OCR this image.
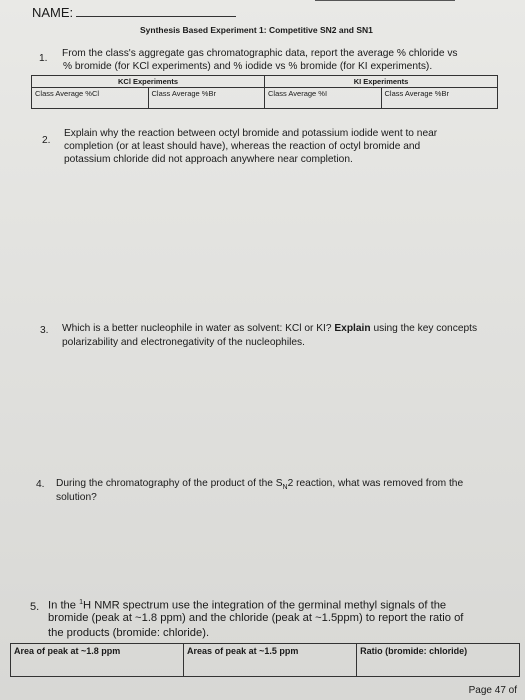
NAME:
Synthesis Based Experiment 1: Competitive SN2 and SN1
1. From the class's aggregate gas chromatographic data, report the average % chloride vs
% bromide (for KCl experiments) and % iodide vs % bromide (for KI experiments).
KCl Experiments		KI Experiments	
Class Average %Cl	Class Average %Br	Class Average %I	Class Average %Br
2.
Explain why the reaction between octyl bromide and potassium iodide went to near
completion (or at least should have), whereas the reaction of octyl bromide and
potassium chloride did not approach anywhere near completion.
3. Which is a better nucleophile in water as solvent: KCl or KI? Explain using the key concepts
polarizability and electronegativity of the nucleophiles.
4. During the chromatography of the product of the $S_N2$ reaction, what was removed from the
solution?
5. In the $^1$H NMR spectrum use the integration of the germinal methyl signals of the
bromide (peak at ~1.8 ppm) and the chloride (peak at ~1.5ppm) to report the ratio of
the products (bromide: chloride).
Area of peak at ~1.8 ppm	Areas of peak at ~1.5 ppm	Ratio (bromide: chloride)
Page 47 of
